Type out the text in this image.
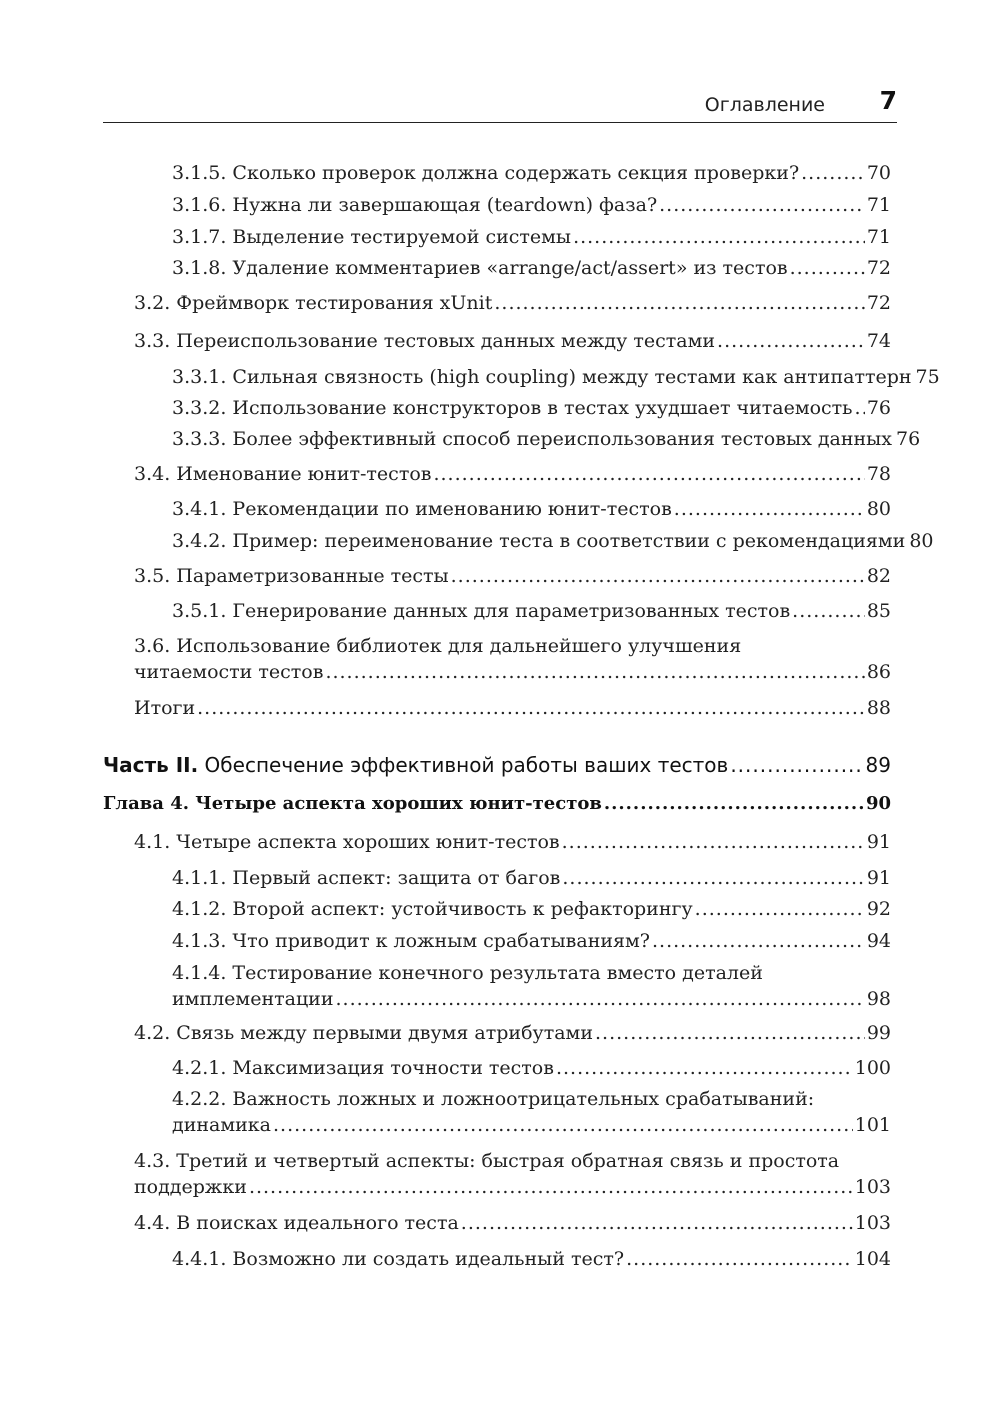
Оглавление 7
3.1.5. Сколько проверок должна содержать секция проверки? .....	70
3.1.6. Нужна ли завершающая (teardown) фаза? .....	71
3.1.7. Выделение тестируемой системы .....	71
3.1.8. Удаление комментариев «arrange/act/assert» из тестов .....	72
3.2. Фреймворк тестирования xUnit .....	72
3.3. Переиспользование тестовых данных между тестами .....	74
3.3.1. Сильная связность (high coupling) между тестами как антипаттерн 75
3.3.2. Использование конструкторов в тестах ухудшает читаемость ..... 76
3.3.3. Более эффективный способ переиспользования тестовых данных 76
3.4. Именование юнит-тестов .....	78
3.4.1. Рекомендации по именованию юнит-тестов .....	80
3.4.2. Пример: переименование теста в соответствии с рекомендациями 80
3.5. Параметризованные тесты .....	82
3.5.1. Генерирование данных для параметризованных тестов .....	85
3.6. Использование библиотек для дальнейшего улучшения
читаемости тестов .....	86
Итоги .....	88
Часть II. Обеспечение эффективной работы ваших тестов .....	89
Глава 4. Четыре аспекта хороших юнит-тестов .....	90
4.1. Четыре аспекта хороших юнит-тестов .....	91
4.1.1. Первый аспект: защита от багов .....	91
4.1.2. Второй аспект: устойчивость к рефакторингу .....	92
4.1.3. Что приводит к ложным срабатываниям? .....	94
4.1.4. Тестирование конечного результата вместо деталей
имплементации .....	98
4.2. Связь между первыми двумя атрибутами .....	99
4.2.1. Максимизация точности тестов .....	100
4.2.2. Важность ложных и ложноотрицательных срабатываний:
динамика .....	101
4.3. Третий и четвертый аспекты: быстрая обратная связь и простота
поддержки .....	103
4.4. В поисках идеального теста .....	103
4.4.1. Возможно ли создать идеальный тест? .....	104
